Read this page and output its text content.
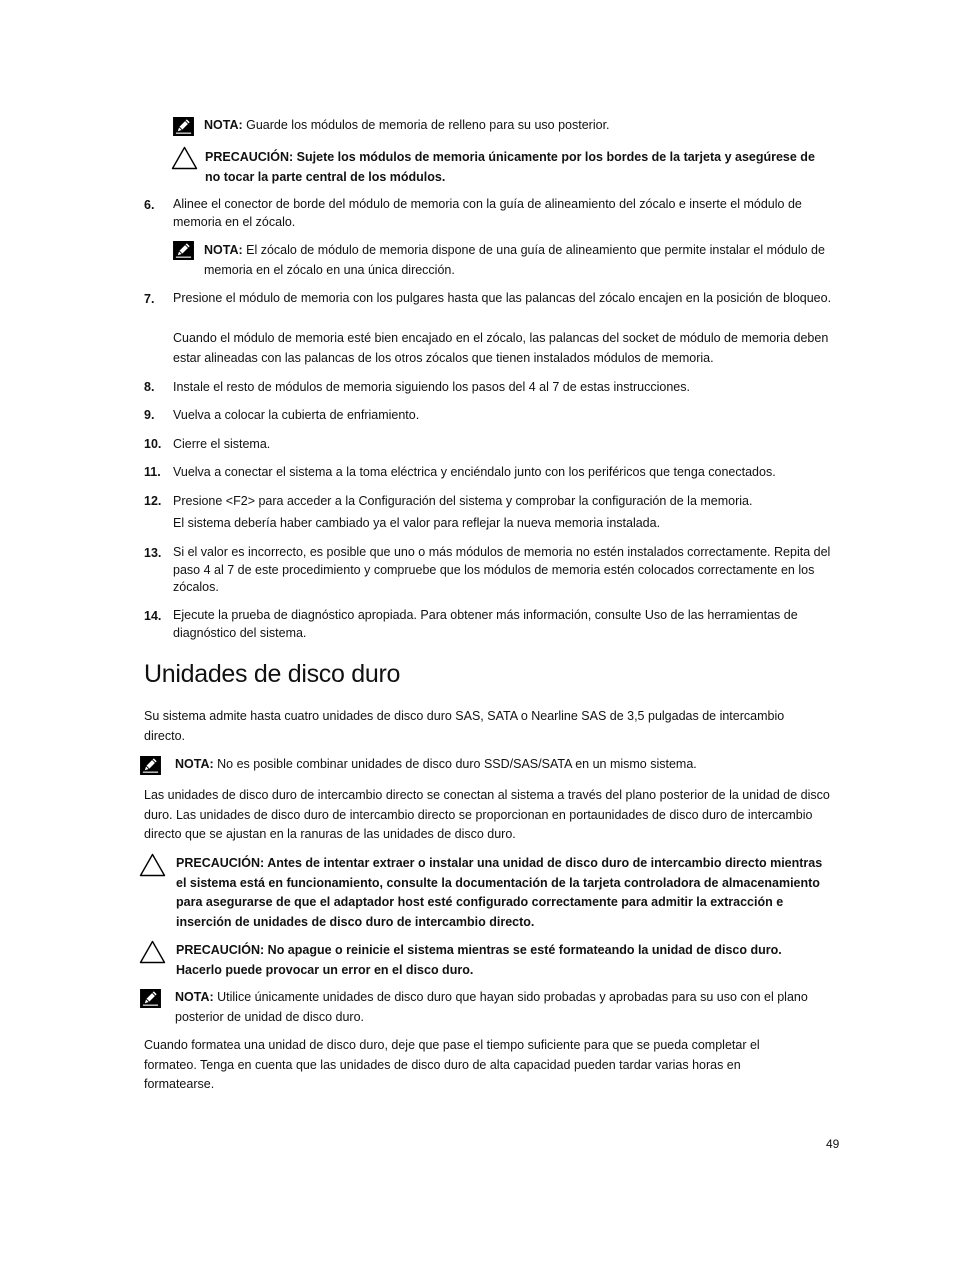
NOTA: Guarde los módulos de memoria de relleno para su uso posterior.
PRECAUCIÓN: Sujete los módulos de memoria únicamente por los bordes de la tarjeta y asegúrese de no tocar la parte central de los módulos.
6. Alinee el conector de borde del módulo de memoria con la guía de alineamiento del zócalo e inserte el módulo de memoria en el zócalo.
NOTA: El zócalo de módulo de memoria dispone de una guía de alineamiento que permite instalar el módulo de memoria en el zócalo en una única dirección.
7. Presione el módulo de memoria con los pulgares hasta que las palancas del zócalo encajen en la posición de bloqueo.
Cuando el módulo de memoria esté bien encajado en el zócalo, las palancas del socket de módulo de memoria deben estar alineadas con las palancas de los otros zócalos que tienen instalados módulos de memoria.
8. Instale el resto de módulos de memoria siguiendo los pasos del 4 al 7 de estas instrucciones.
9. Vuelva a colocar la cubierta de enfriamiento.
10. Cierre el sistema.
11. Vuelva a conectar el sistema a la toma eléctrica y enciéndalo junto con los periféricos que tenga conectados.
12. Presione <F2> para acceder a la Configuración del sistema y comprobar la configuración de la memoria.
El sistema debería haber cambiado ya el valor para reflejar la nueva memoria instalada.
13. Si el valor es incorrecto, es posible que uno o más módulos de memoria no estén instalados correctamente. Repita del paso 4 al 7 de este procedimiento y compruebe que los módulos de memoria estén colocados correctamente en los zócalos.
14. Ejecute la prueba de diagnóstico apropiada. Para obtener más información, consulte Uso de las herramientas de diagnóstico del sistema.
Unidades de disco duro
Su sistema admite hasta cuatro unidades de disco duro SAS, SATA o Nearline SAS de 3,5 pulgadas de intercambio directo.
NOTA: No es posible combinar unidades de disco duro SSD/SAS/SATA en un mismo sistema.
Las unidades de disco duro de intercambio directo se conectan al sistema a través del plano posterior de la unidad de disco duro. Las unidades de disco duro de intercambio directo se proporcionan en portaunidades de disco duro de intercambio directo que se ajustan en la ranuras de las unidades de disco duro.
PRECAUCIÓN: Antes de intentar extraer o instalar una unidad de disco duro de intercambio directo mientras el sistema está en funcionamiento, consulte la documentación de la tarjeta controladora de almacenamiento para asegurarse de que el adaptador host esté configurado correctamente para admitir la extracción e inserción de unidades de disco duro de intercambio directo.
PRECAUCIÓN: No apague o reinicie el sistema mientras se esté formateando la unidad de disco duro. Hacerlo puede provocar un error en el disco duro.
NOTA: Utilice únicamente unidades de disco duro que hayan sido probadas y aprobadas para su uso con el plano posterior de unidad de disco duro.
Cuando formatea una unidad de disco duro, deje que pase el tiempo suficiente para que se pueda completar el formateo. Tenga en cuenta que las unidades de disco duro de alta capacidad pueden tardar varias horas en formatearse.
49
